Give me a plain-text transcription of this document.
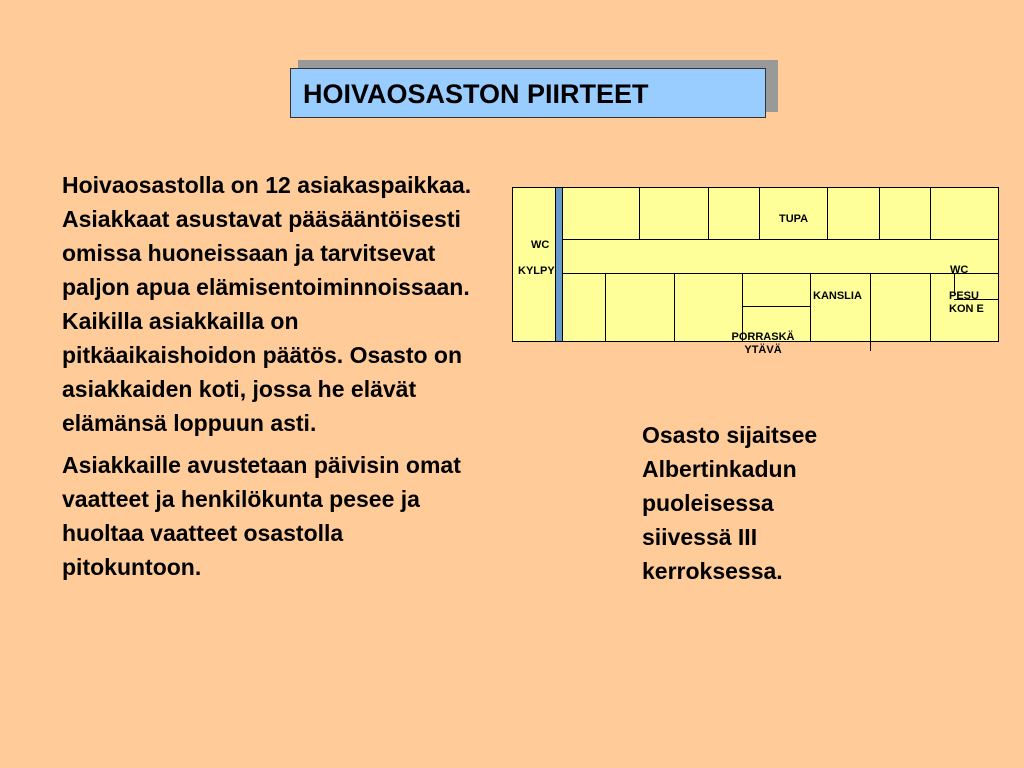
HOIVAOSASTON PIIRTEET

Hoivaosastolla on 12 asiakaspaikkaa. Asiakkaat asustavat pääsääntöisesti omissa huoneissaan ja tarvitsevat paljon apua elämisentoiminnoissaan. Kaikilla asiakkailla on pitkäaikaishoidon päätös. Osasto on asiakkaiden koti, jossa he elävät elämänsä loppuun asti.

Asiakkaille avustetaan päivisin omat vaatteet ja henkilökunta pesee ja huoltaa vaatteet osastolla pitokuntoon.

TUPA
WC
KYLPY	WC
KANSLIA	PESU KON E
PORRASKÄ YTÄVÄ
Osasto sijaitsee Albertinkadun puoleisessa siivessä III kerroksessa.
